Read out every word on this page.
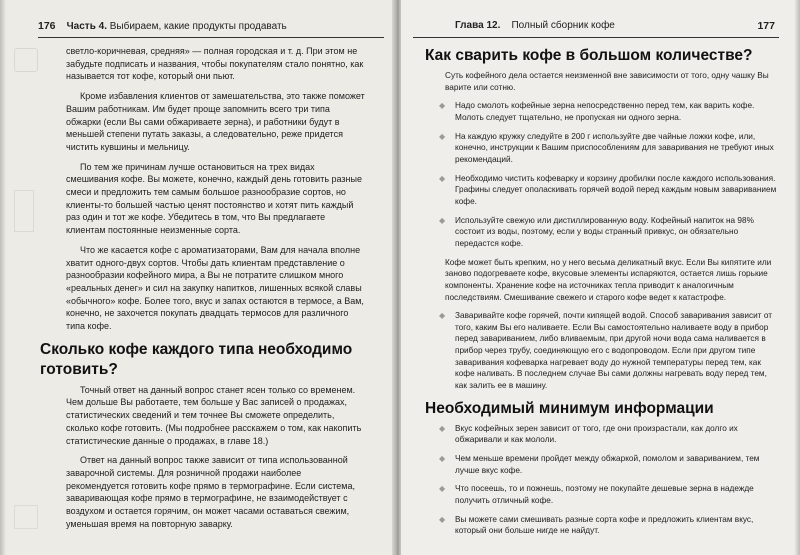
176 Часть 4. Выбираем, какие продукты продавать

светло-коричневая, средняя» — полная городская и т. д. При этом не забудьте подписать и названия, чтобы покупателям стало понятно, как называется тот кофе, который они пьют.

Кроме избавления клиентов от замешательства, это также поможет Вашим работникам. Им будет проще запомнить всего три типа обжарки (если Вы сами обжариваете зерна), и работники будут в меньшей степени путать заказы, а следовательно, реже придется чистить кувшины и мельницу.

По тем же причинам лучше остановиться на трех видах смешивания кофе. Вы можете, конечно, каждый день готовить разные смеси и предложить тем самым большое разнообразие сортов, но клиенты-то большей частью ценят постоянство и хотят пить каждый раз один и тот же кофе. Убедитесь в том, что Вы предлагаете клиентам постоянные неизменные сорта.

Что же касается кофе с ароматизаторами, Вам для начала вполне хватит одного-двух сортов. Чтобы дать клиентам представление о разнообразии кофейного мира, а Вы не потратите слишком много «реальных денег» и сил на закупку напитков, лишенных всякой славы «обычного» кофе. Более того, вкус и запах остаются в термосе, а Вам, конечно, не захочется покупать двадцать термосов для различного типа кофе.

Сколько кофе каждого типа необходимо готовить?

Точный ответ на данный вопрос станет ясен только со временем. Чем дольше Вы работаете, тем больше у Вас записей о продажах, статистических сведений и тем точнее Вы сможете определить, сколько кофе готовить. (Мы подробнее расскажем о том, как накопить статистические данные о продажах, в главе 18.)

Ответ на данный вопрос также зависит от типа использованной заварочной системы. Для розничной продажи наиболее рекомендуется готовить кофе прямо в термографине. Если система, заваривающая кофе прямо в термографине, не взаимодействует с воздухом и остается горячим, он может часами оставаться свежим, уменьшая время на повторную заварку.

Глава 12. Полный сборник кофе	177
Как сварить кофе в большом количестве?

Суть кофейного дела остается неизменной вне зависимости от того, одну чашку Вы варите или сотню.

◆ Надо смолоть кофейные зерна непосредственно перед тем, как варить кофе. Молоть следует тщательно, не пропуская ни одного зерна.
◆ На каждую кружку следуйте в 200 г используйте две чайные ложки кофе, или, конечно, инструкции к Вашим приспособлениям для заваривания не требуют иных рекомендаций.
◆ Необходимо чистить кофеварку и корзину дробилки после каждого использования. Графины следует ополаскивать горячей водой перед каждым новым завариванием кофе.
◆ Используйте свежую или дистиллированную воду. Кофейный напиток на 98% состоит из воды, поэтому, если у воды странный привкус, он обязательно передастся кофе.

Кофе может быть крепким, но у него весьма деликатный вкус. Если Вы кипятите или заново подогреваете кофе, вкусовые элементы испаряются, остается лишь горькие компоненты. Хранение кофе на источниках тепла приводит к аналогичным последствиям. Смешивание свежего и старого кофе ведет к катастрофе.

◆ Заваривайте кофе горячей, почти кипящей водой. Способ заваривания зависит от того, каким Вы его наливаете. Если Вы самостоятельно наливаете воду в прибор перед завариванием, либо вливаемым, при другой ночи вода сама наливается в прибор через трубу, соединяющую его с водопроводом. Если при другом типе заваривания кофеварка нагревает воду до нужной температуры перед тем, как кофе наливать. В последнем случае Вы сами должны нагревать воду перед тем, как залить ее в машину.
Необходимый минимум информации
◆ Вкус кофейных зерен зависит от того, где они произрастали, как долго их обжаривали и как мололи.
◆ Чем меньше времени пройдет между обжаркой, помолом и завариванием, тем лучше вкус кофе.
◆ Что посеешь, то и пожнешь, поэтому не покупайте дешевые зерна в надежде получить отличный кофе.
◆ Вы можете сами смешивать разные сорта кофе и предложить клиентам вкус, который они больше нигде не найдут.
